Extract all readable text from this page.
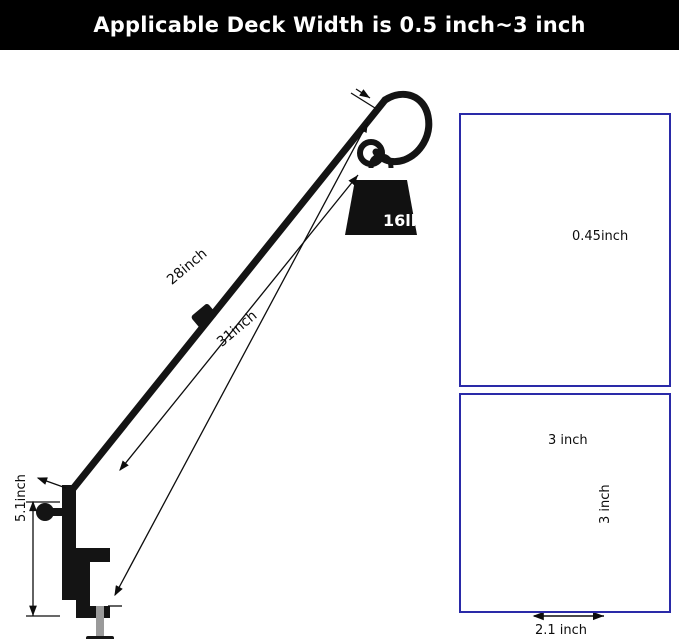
Applicable Deck Width is 0.5 inch~3 inch
28inch
31inch
5.1inch
0.45inch
3 inch
3 inch
2.1 inch
16lbs
